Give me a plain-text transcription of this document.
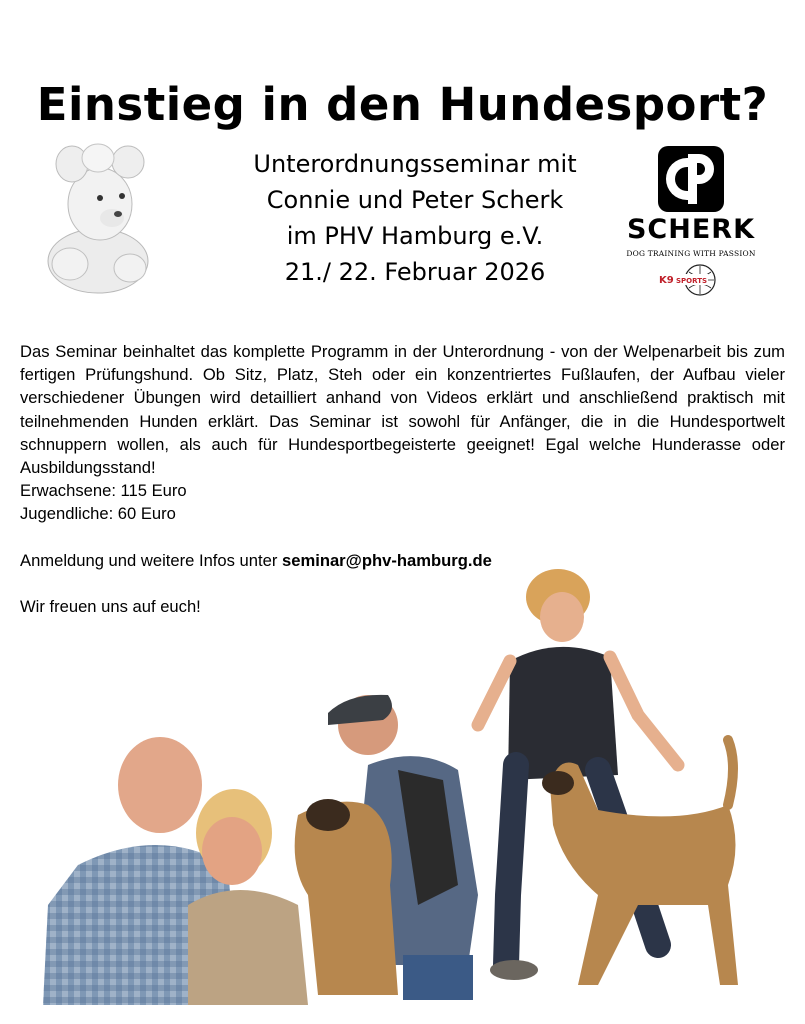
Einstieg in den Hundesport?
Unterordnungsseminar mit
Connie und Peter Scherk
im PHV Hamburg e.V.
21./ 22. Februar 2026
SCHERK
DOG TRAINING WITH PASSION
K9 SPORTS

Das Seminar beinhaltet das komplette Programm in der Unterordnung - von der Welpenarbeit bis zum fertigen Prüfungshund. Ob Sitz, Platz, Steh oder ein konzentriertes Fußlaufen, der Aufbau vieler verschiedener Übungen wird detailliert anhand von Videos erklärt und anschließend praktisch mit teilnehmenden Hunden erklärt. Das Seminar ist sowohl für Anfänger, die in die Hundesportwelt schnuppern wollen, als auch für Hundesportbegeisterte geeignet! Egal welche Hunderasse oder Ausbildungsstand!

Erwachsene: 115 Euro

Jugendliche: 60 Euro

Anmeldung und weitere Infos unter seminar@phv-hamburg.de

Wir freuen uns auf euch!
